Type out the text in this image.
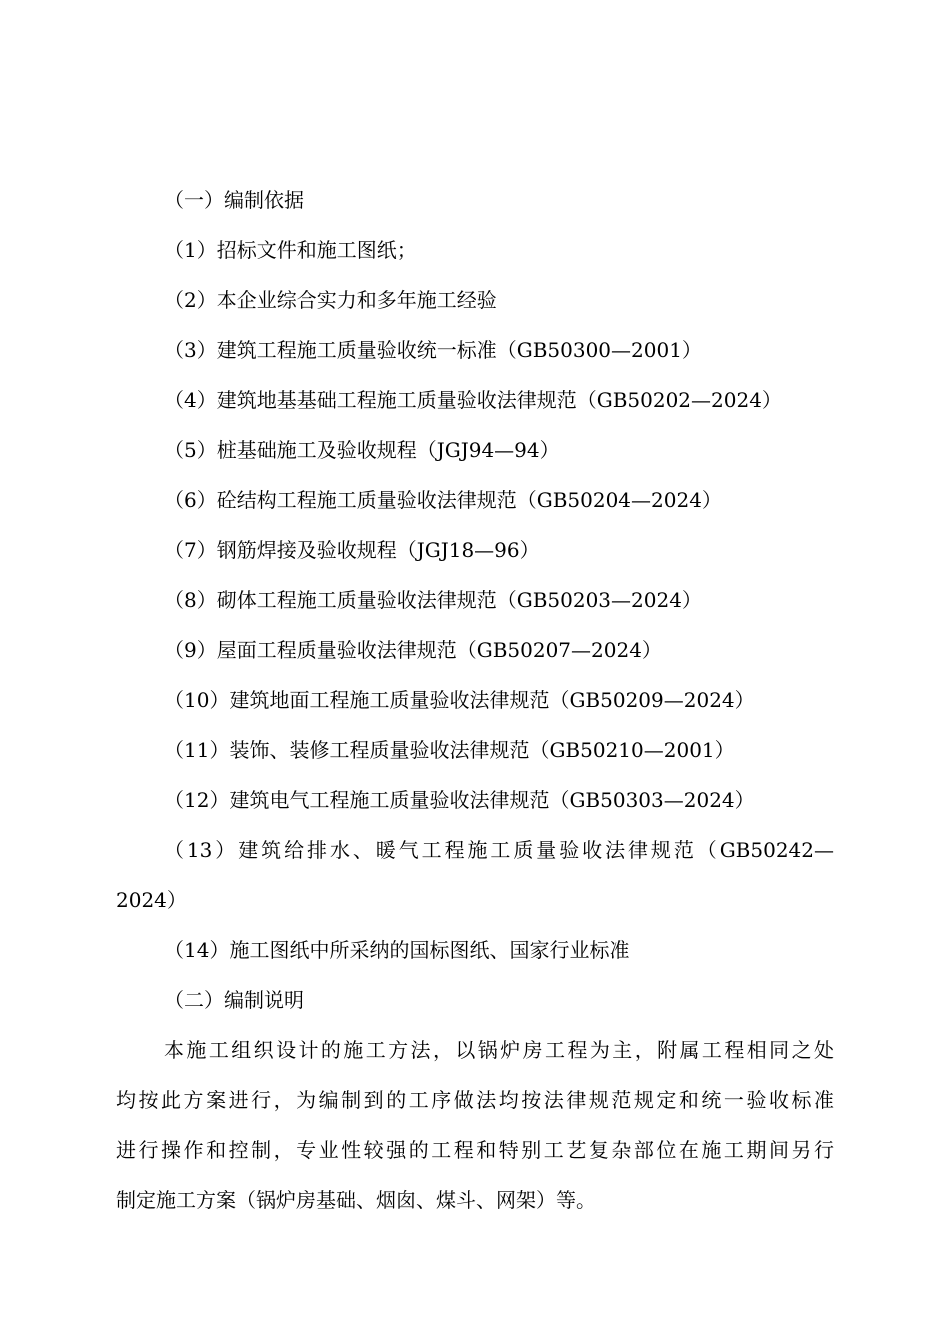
（一）编制依据

（1）招标文件和施工图纸；

（2）本企业综合实力和多年施工经验

（3）建筑工程施工质量验收统一标准（GB50300—2001）

（4）建筑地基基础工程施工质量验收法律规范（GB50202—2024）

（5）桩基础施工及验收规程（JGJ94—94）

（6）砼结构工程施工质量验收法律规范（GB50204—2024）

（7）钢筋焊接及验收规程（JGJ18—96）

（8）砌体工程施工质量验收法律规范（GB50203—2024）

（9）屋面工程质量验收法律规范（GB50207—2024）

（10）建筑地面工程施工质量验收法律规范（GB50209—2024）

（11）装饰、装修工程质量验收法律规范（GB50210—2001）

（12）建筑电气工程施工质量验收法律规范（GB50303—2024）

（13）建筑给排水、暖气工程施工质量验收法律规范（GB50242—

2024）

（14）施工图纸中所采纳的国标图纸、国家行业标准

（二）编制说明

本施工组织设计的施工方法，以锅炉房工程为主，附属工程相同之处

均按此方案进行，为编制到的工序做法均按法律规范规定和统一验收标准

进行操作和控制，专业性较强的工程和特别工艺复杂部位在施工期间另行

制定施工方案（锅炉房基础、烟囱、煤斗、网架）等。
